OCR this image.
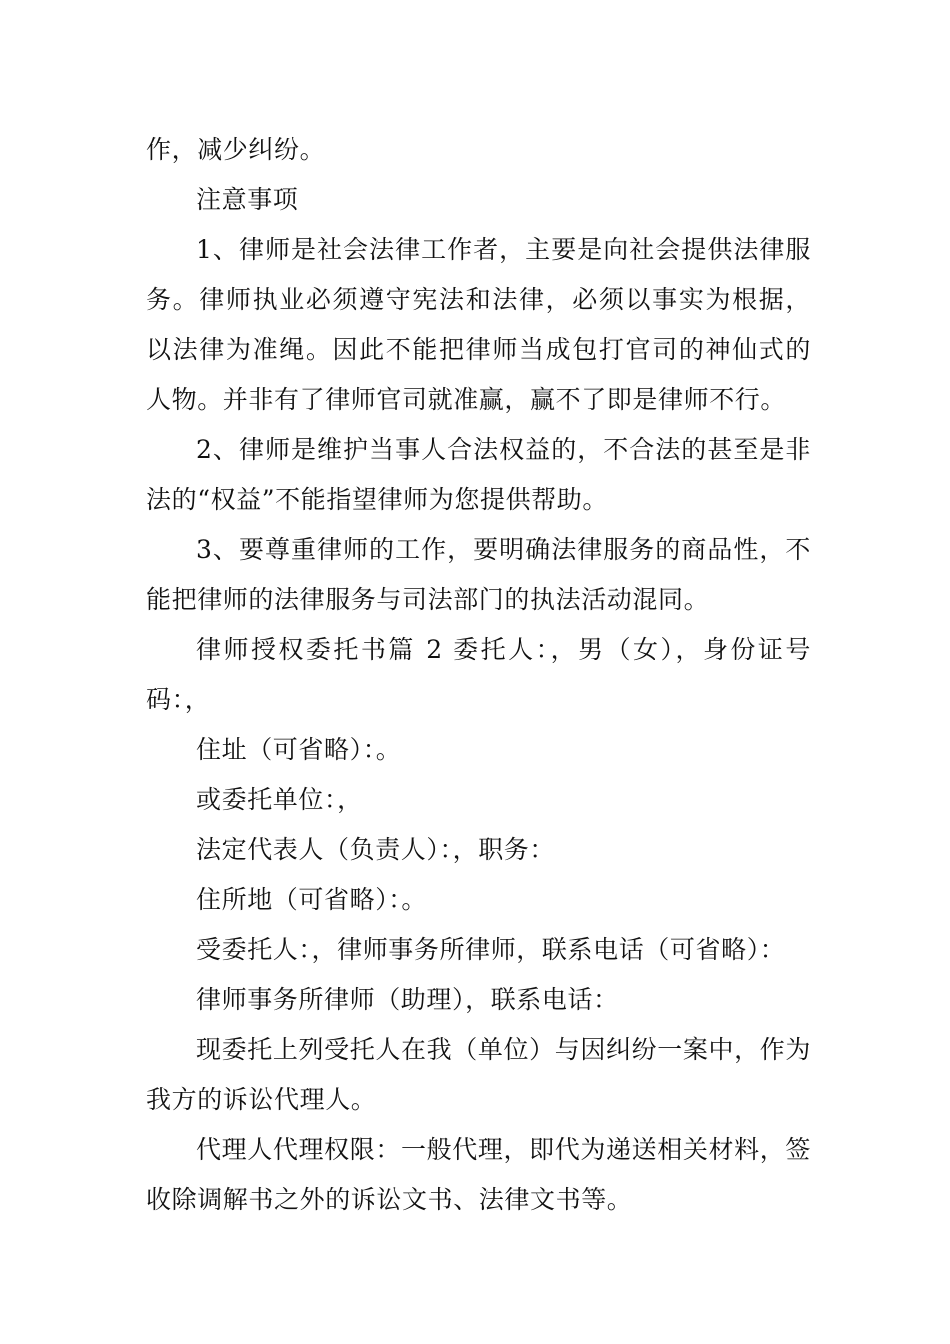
作，减少纠纷。

注意事项

1、律师是社会法律工作者，主要是向社会提供法律服务。律师执业必须遵守宪法和法律，必须以事实为根据，以法律为准绳。因此不能把律师当成包打官司的神仙式的人物。并非有了律师官司就准赢，赢不了即是律师不行。

2、律师是维护当事人合法权益的，不合法的甚至是非法的“权益”不能指望律师为您提供帮助。

3、要尊重律师的工作，要明确法律服务的商品性，不能把律师的法律服务与司法部门的执法活动混同。

律师授权委托书篇 2 委托人：，男（女），身份证号码：，

住址（可省略）：。

或委托单位：，

法定代表人（负责人）：，职务：

住所地（可省略）：。

受委托人：，律师事务所律师，联系电话（可省略）：

律师事务所律师（助理），联系电话：

现委托上列受托人在我（单位）与因纠纷一案中，作为我方的诉讼代理人。

代理人代理权限：一般代理，即代为递送相关材料，签收除调解书之外的诉讼文书、法律文书等。
